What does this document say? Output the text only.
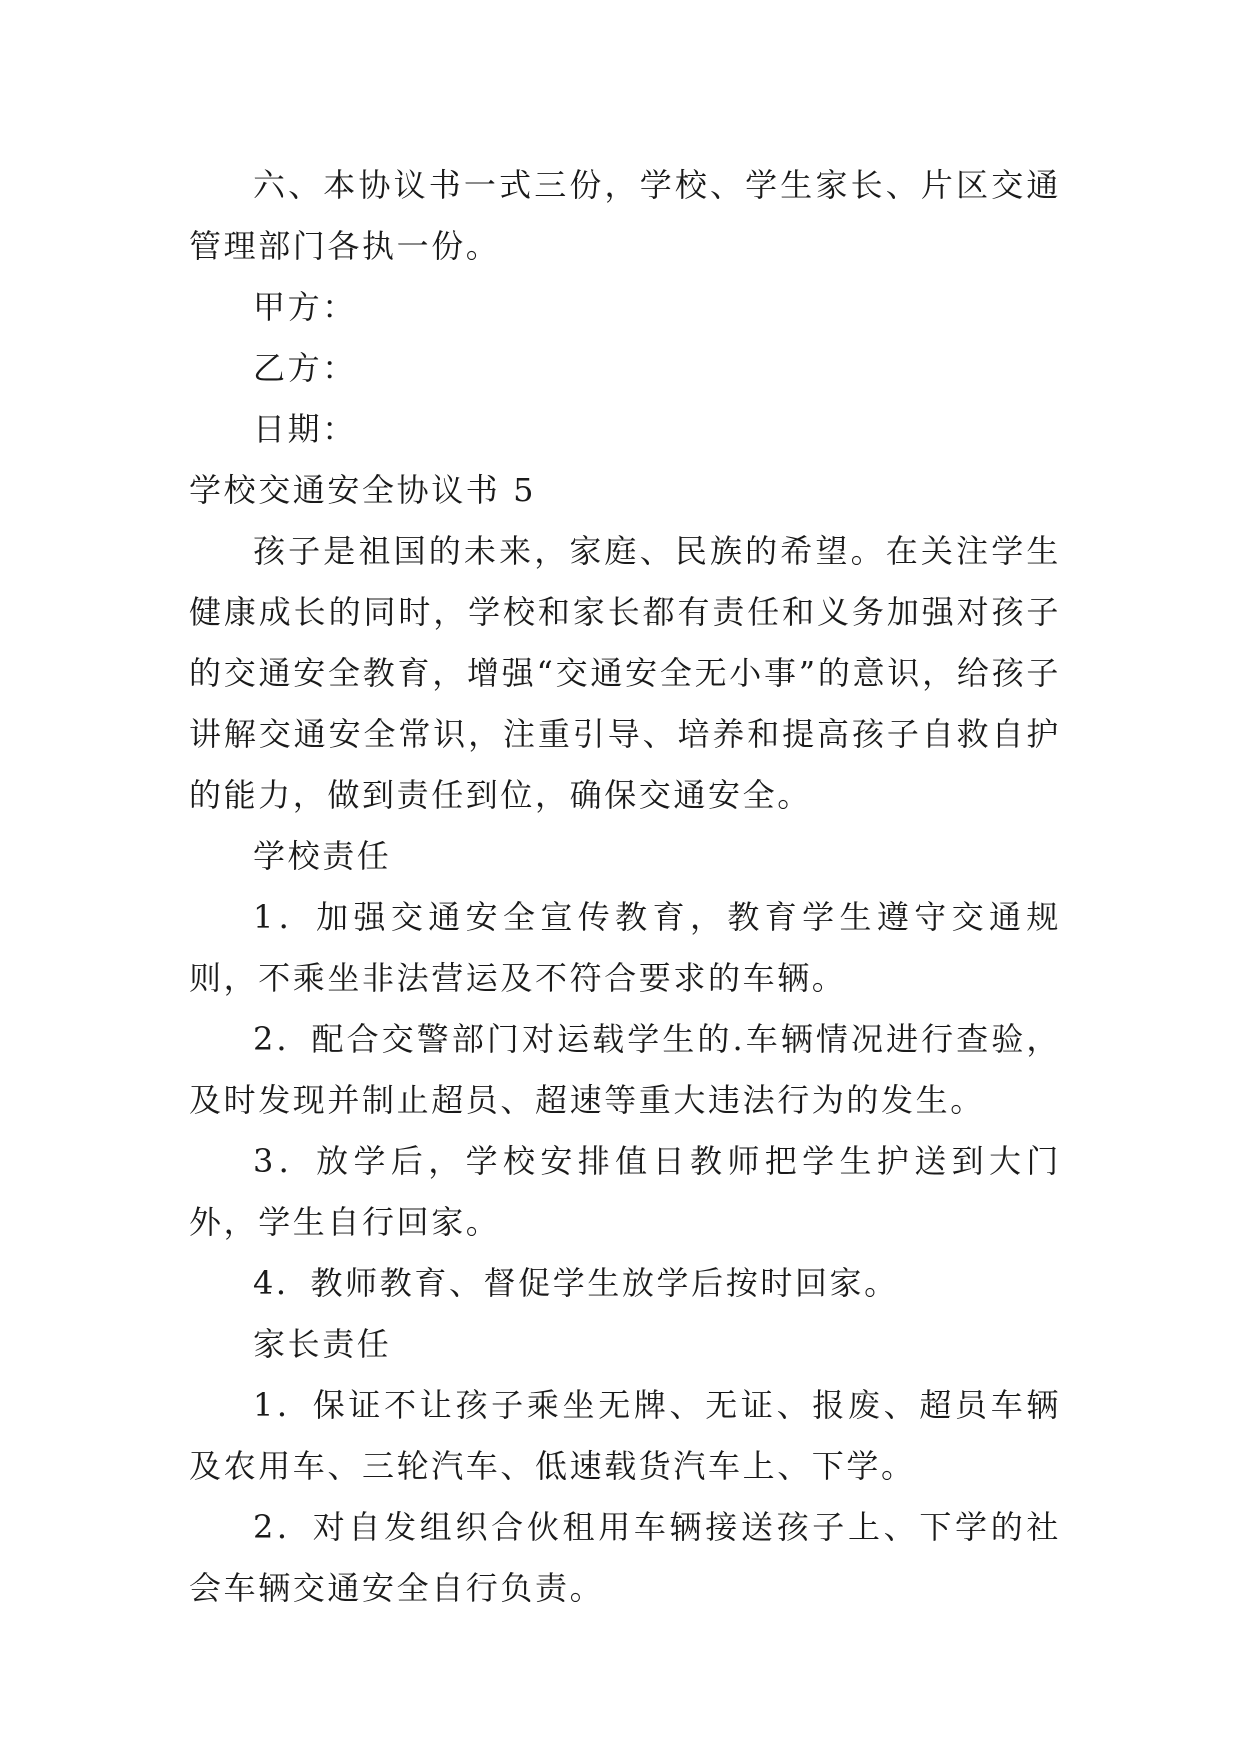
六、本协议书一式三份，学校、学生家长、片区交通管理部门各执一份。

甲方：

乙方：

日期：

学校交通安全协议书 5

孩子是祖国的未来，家庭、民族的希望。在关注学生健康成长的同时，学校和家长都有责任和义务加强对孩子的交通安全教育，增强“交通安全无小事”的意识，给孩子讲解交通安全常识，注重引导、培养和提高孩子自救自护的能力，做到责任到位，确保交通安全。

学校责任

1．加强交通安全宣传教育，教育学生遵守交通规则，不乘坐非法营运及不符合要求的车辆。

2．配合交警部门对运载学生的.车辆情况进行查验，及时发现并制止超员、超速等重大违法行为的发生。

3．放学后，学校安排值日教师把学生护送到大门外，学生自行回家。

4．教师教育、督促学生放学后按时回家。

家长责任

1．保证不让孩子乘坐无牌、无证、报废、超员车辆及农用车、三轮汽车、低速载货汽车上、下学。

2．对自发组织合伙租用车辆接送孩子上、下学的社会车辆交通安全自行负责。
